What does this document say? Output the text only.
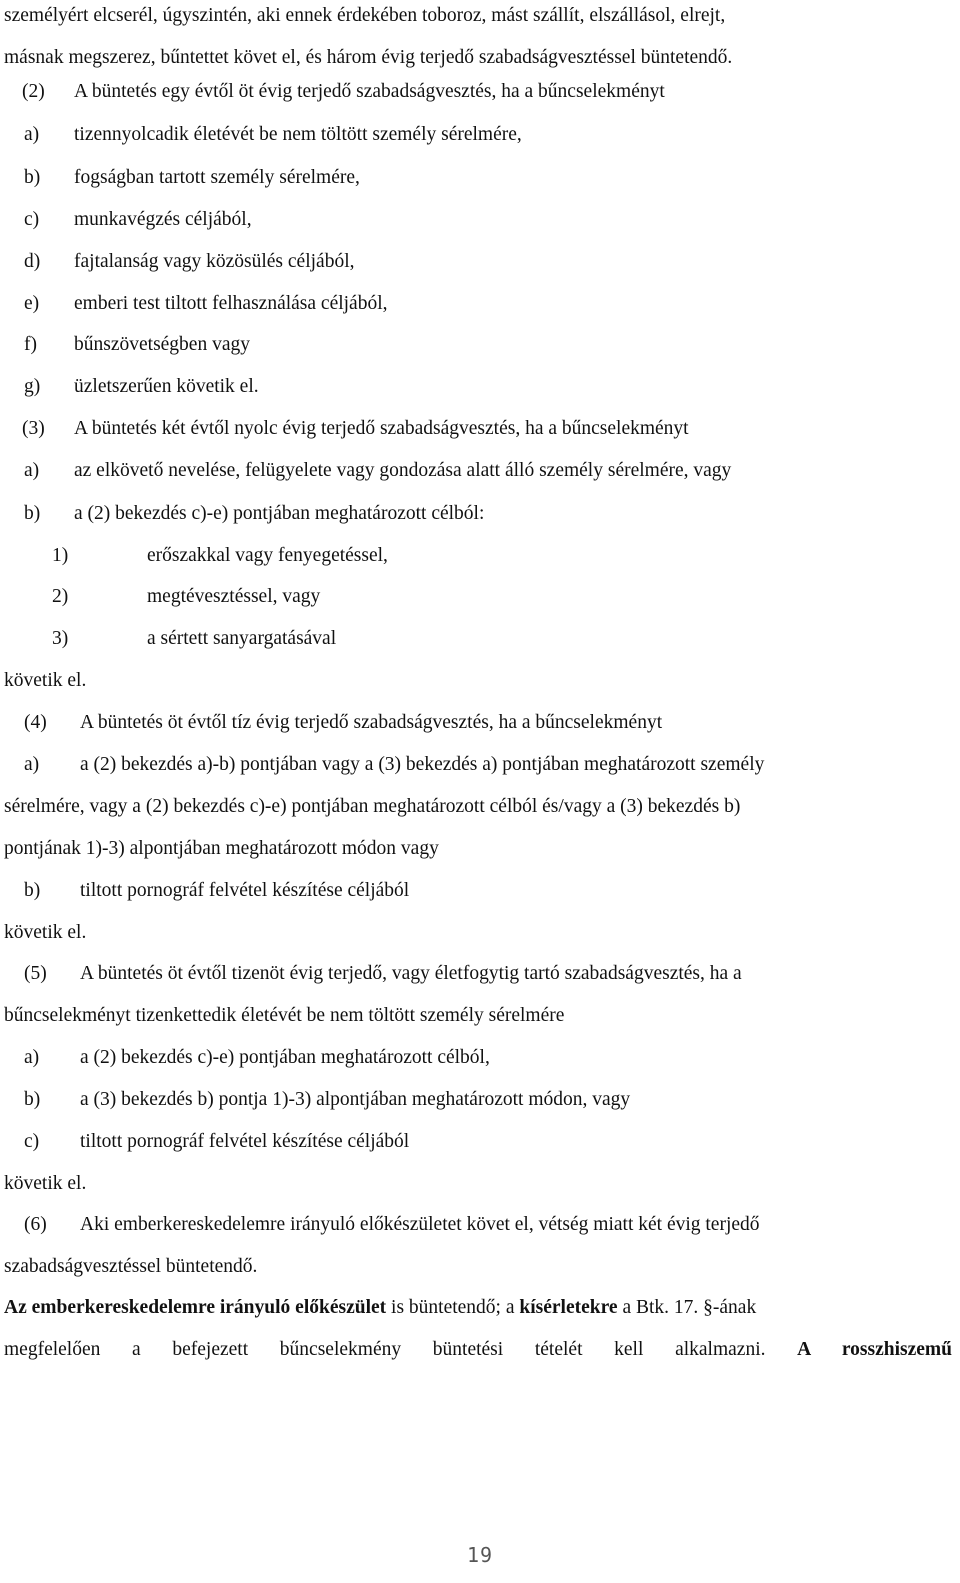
személyért elcserél, úgyszintén, aki ennek érdekében toboroz, mást szállít, elszállásol, elrejt,
másnak megszerez, bűntettet követ el, és három évig terjedő szabadságvesztéssel büntetendő.
(2) A büntetés egy évtől öt évig terjedő szabadságvesztés, ha a bűncselekményt
a) tizennyolcadik életévét be nem töltött személy sérelmére,
b) fogságban tartott személy sérelmére,
c) munkavégzés céljából,
d) fajtalanság vagy közösülés céljából,
e) emberi test tiltott felhasználása céljából,
f) bűnszövetségben vagy
g) üzletszerűen követik el.
(3) A büntetés két évtől nyolc évig terjedő szabadságvesztés, ha a bűncselekményt
a) az elkövető nevelése, felügyelete vagy gondozása alatt álló személy sérelmére, vagy
b) a (2) bekezdés c)-e) pontjában meghatározott célból:
1)	erőszakkal vagy fenyegetéssel,
2)	megtévesztéssel, vagy
3)	a sértett sanyargatásával
követik el.
(4) A büntetés öt évtől tíz évig terjedő szabadságvesztés, ha a bűncselekményt
a) a (2) bekezdés a)-b) pontjában vagy a (3) bekezdés a) pontjában meghatározott személy
sérelmére, vagy a (2) bekezdés c)-e) pontjában meghatározott célból és/vagy a (3) bekezdés b)
pontjának 1)-3) alpontjában meghatározott módon vagy
b) tiltott pornográf felvétel készítése céljából
követik el.
(5) A büntetés öt évtől tizenöt évig terjedő, vagy életfogytig tartó szabadságvesztés, ha a
bűncselekményt tizenkettedik életévét be nem töltött személy sérelmére
a) a (2) bekezdés c)-e) pontjában meghatározott célból,
b) a (3) bekezdés b) pontja 1)-3) alpontjában meghatározott módon, vagy
c) tiltott pornográf felvétel készítése céljából
követik el.
(6) Aki emberkereskedelemre irányuló előkészületet követ el, vétség miatt két évig terjedő
szabadságvesztéssel büntetendő.
Az emberkereskedelemre irányuló előkészület is büntetendő; a kísérletekre a Btk. 17. §-ának
megfelelően a befejezett bűncselekmény büntetési tételét kell alkalmazni. A rosszhiszemű
19
